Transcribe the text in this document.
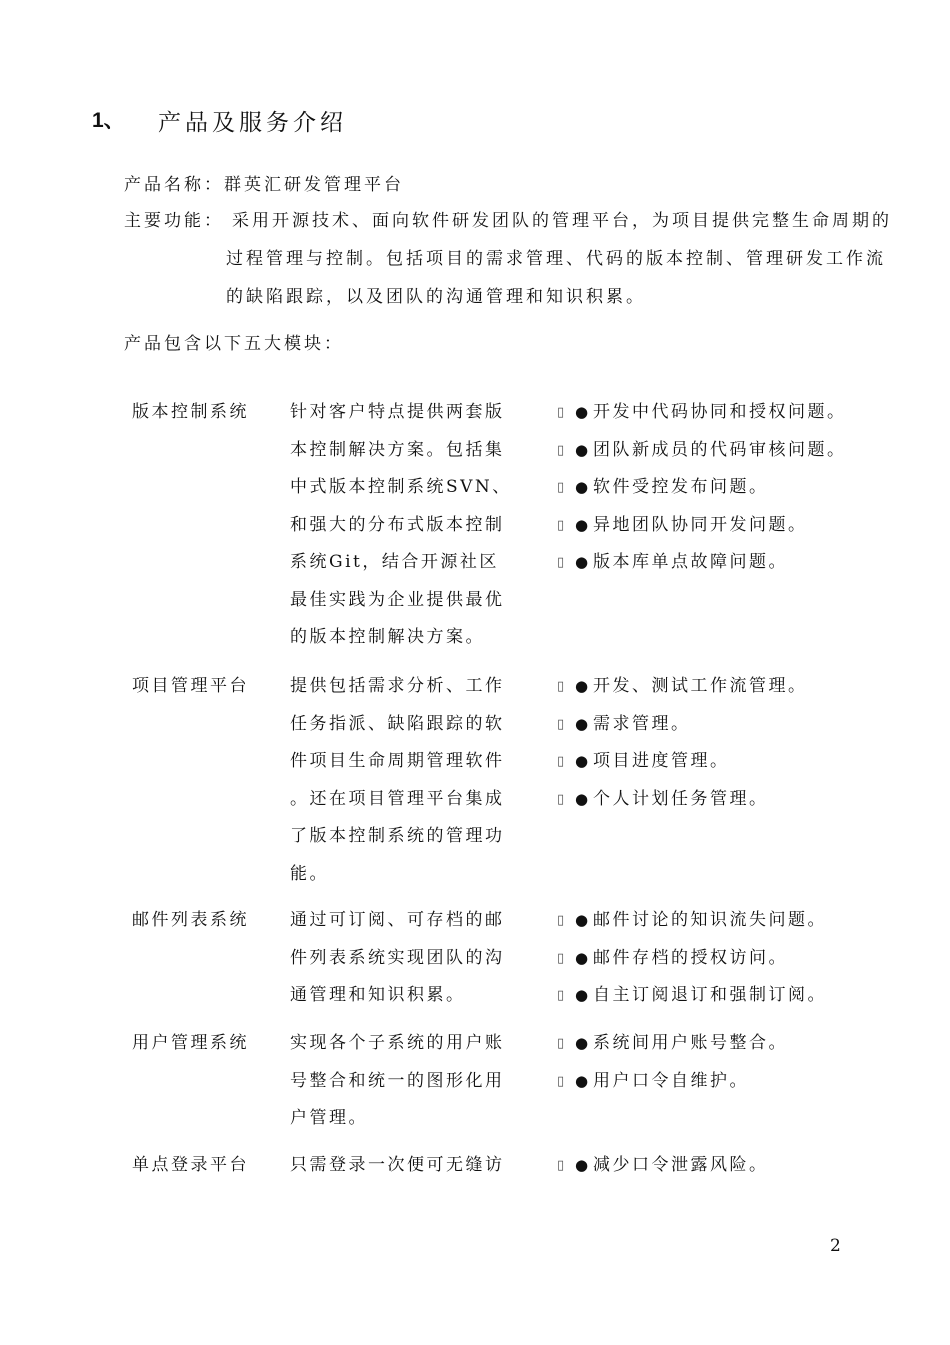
1、 产品及服务介绍
产品名称：群英汇研发管理平台
主要功能： 采用开源技术、面向软件研发团队的管理平台，为项目提供完整生命周期的
过程管理与控制。包括项目的需求管理、代码的版本控制、管理研发工作流
的缺陷跟踪，以及团队的沟通管理和知识积累。
产品包含以下五大模块：
版本控制系统 针对客户特点提供两套版
本控制解决方案。包括集
中式版本控制系统SVN、
和强大的分布式版本控制
系统Git，结合开源社区
最佳实践为企业提供最优
的版本控制解决方案。
▯ ● 开发中代码协同和授权问题。
▯ ● 团队新成员的代码审核问题。
▯ ● 软件受控发布问题。
▯ ● 异地团队协同开发问题。
▯ ● 版本库单点故障问题。
项目管理平台 提供包括需求分析、工作
任务指派、缺陷跟踪的软
件项目生命周期管理软件
。还在项目管理平台集成
了版本控制系统的管理功
能。
▯ ● 开发、测试工作流管理。
▯ ● 需求管理。
▯ ● 项目进度管理。
▯ ● 个人计划任务管理。
邮件列表系统 通过可订阅、可存档的邮
件列表系统实现团队的沟
通管理和知识积累。
▯ ● 邮件讨论的知识流失问题。
▯ ● 邮件存档的授权访问。
▯ ● 自主订阅退订和强制订阅。
用户管理系统 实现各个子系统的用户账
号整合和统一的图形化用
户管理。
▯ ● 系统间用户账号整合。
▯ ● 用户口令自维护。
单点登录平台 只需登录一次便可无缝访	▯ ● 减少口令泄露风险。
2
